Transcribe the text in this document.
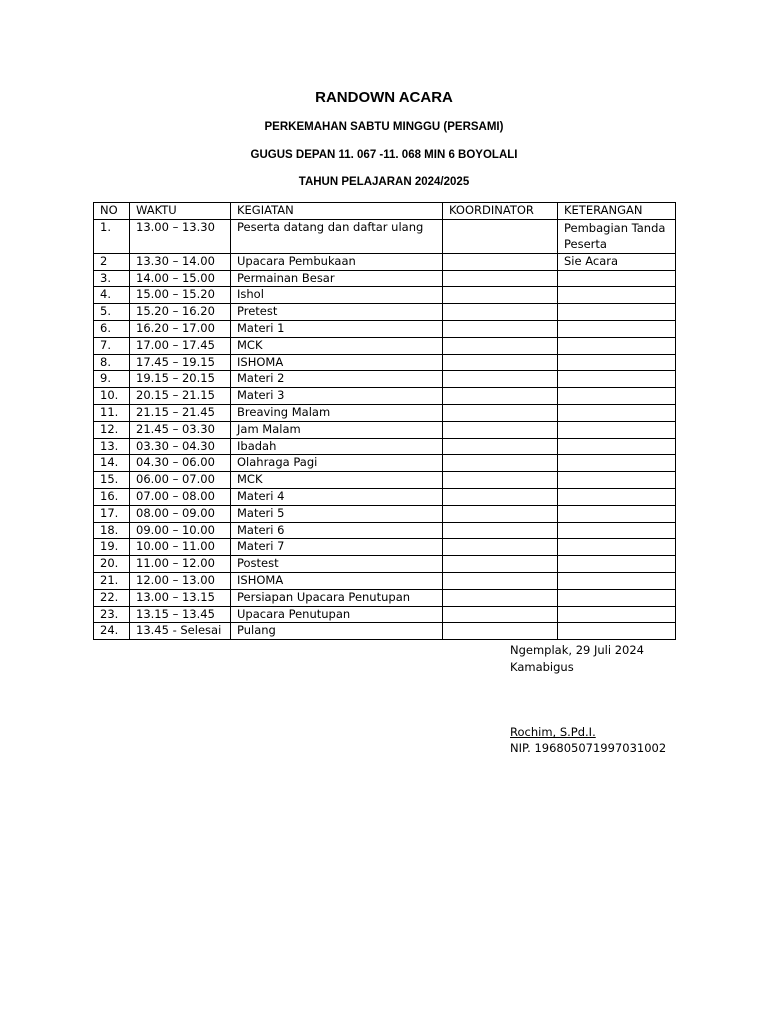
RANDOWN ACARA
PERKEMAHAN SABTU MINGGU (PERSAMI)
GUGUS DEPAN 11. 067 -11. 068 MIN 6 BOYOLALI
TAHUN PELAJARAN 2024/2025
NO	WAKTU	KEGIATAN	KOORDINATOR	KETERANGAN
1.	13.00 – 13.30	Peserta datang dan daftar ulang		Pembagian Tanda Peserta
2	13.30 – 14.00	Upacara Pembukaan		Sie Acara
3.	14.00 – 15.00	Permainan Besar		
4.	15.00 – 15.20	Ishol		
5.	15.20 – 16.20	Pretest		
6.	16.20 – 17.00	Materi 1		
7.	17.00 – 17.45	MCK		
8.	17.45 – 19.15	ISHOMA		
9.	19.15 – 20.15	Materi 2		
10.	20.15 – 21.15	Materi 3		
11.	21.15 – 21.45	Breaving Malam		
12.	21.45 – 03.30	Jam Malam		
13.	03.30 – 04.30	Ibadah		
14.	04.30 – 06.00	Olahraga Pagi		
15.	06.00 – 07.00	MCK		
16.	07.00 – 08.00	Materi 4		
17.	08.00 – 09.00	Materi 5		
18.	09.00 – 10.00	Materi 6		
19.	10.00 – 11.00	Materi 7		
20.	11.00 – 12.00	Postest		
21.	12.00 – 13.00	ISHOMA		
22.	13.00 – 13.15	Persiapan Upacara Penutupan		
23.	13.15 – 13.45	Upacara Penutupan		
24.	13.45 - Selesai	Pulang		
Ngemplak, 29 Juli 2024
Kamabigus
Rochim, S.Pd.I.
NIP. 196805071997031002
